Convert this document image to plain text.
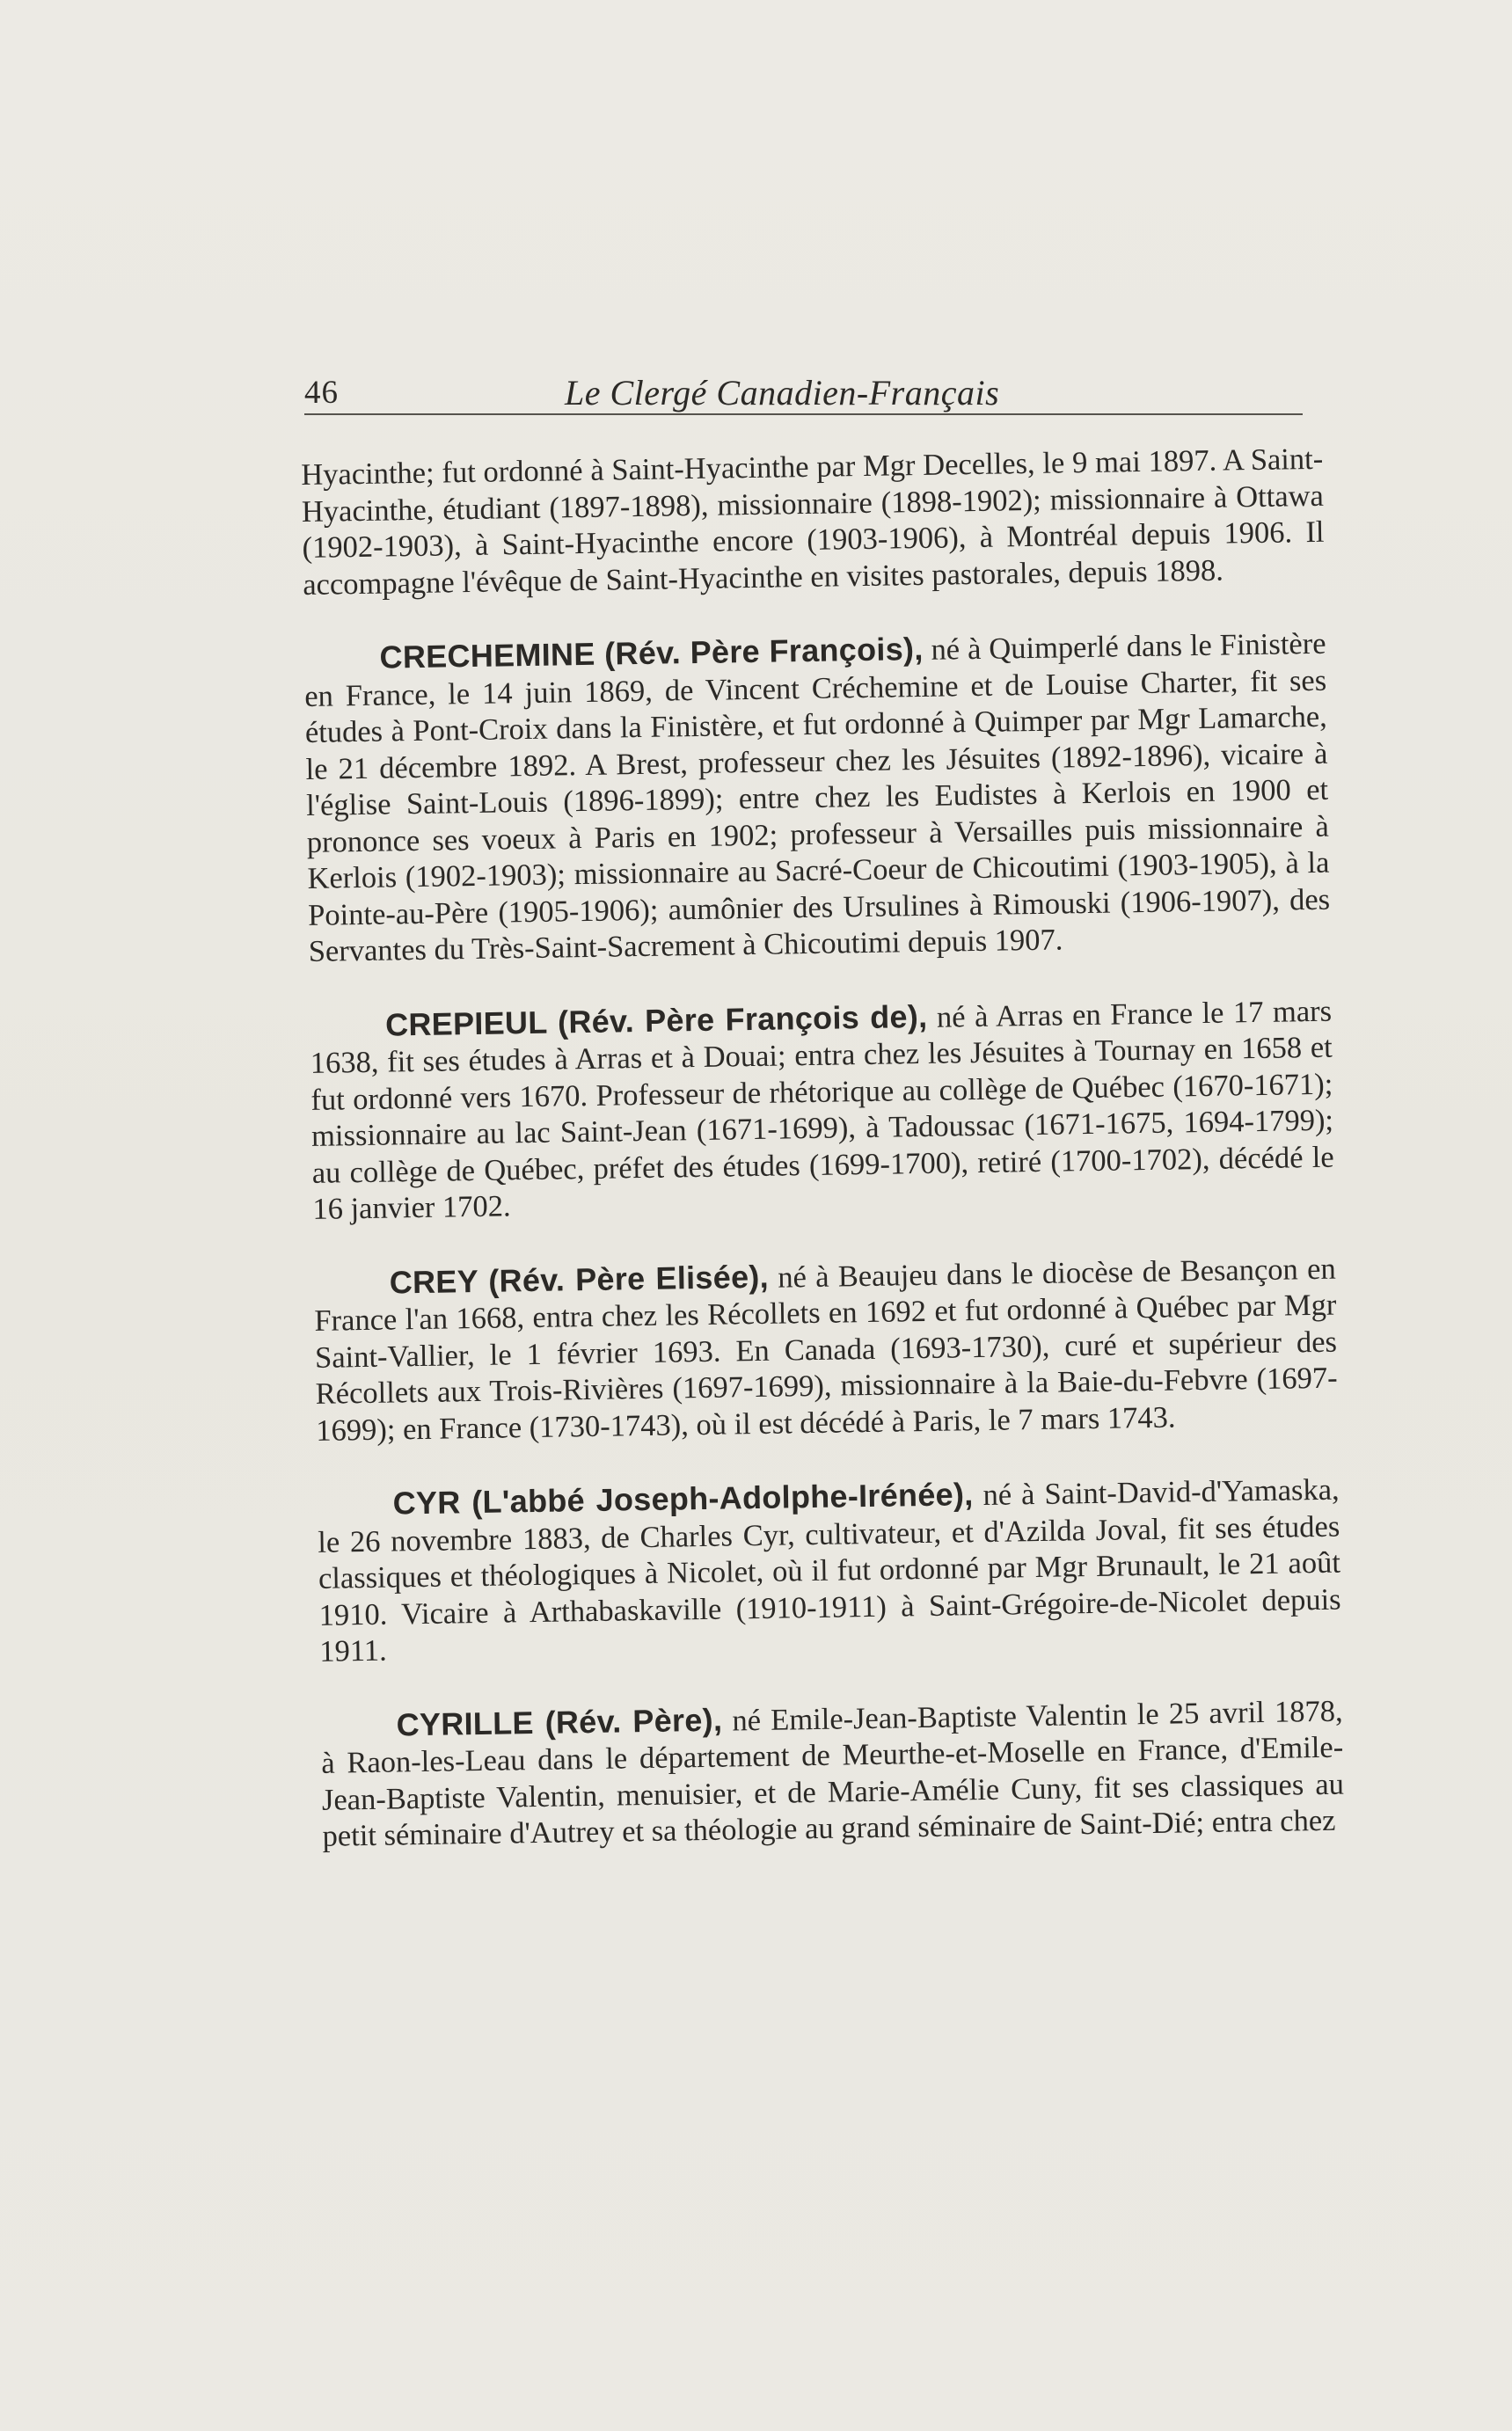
46	Le Clergé Canadien-Français

Hyacinthe; fut ordonné à Saint-Hyacinthe par Mgr Decelles, le 9 mai 1897. A Saint-Hyacinthe, étudiant (1897-1898), missionnaire (1898-1902); missionnaire à Ottawa (1902-1903), à Saint-Hyacinthe encore (1903-1906), à Montréal depuis 1906. Il accompagne l'évêque de Saint-Hyacinthe en visites pastorales, depuis 1898.

CRECHEMINE (Rév. Père François), né à Quimperlé dans le Finistère en France, le 14 juin 1869, de Vincent Créchemine et de Louise Charter, fit ses études à Pont-Croix dans la Finistère, et fut ordonné à Quimper par Mgr Lamarche, le 21 décembre 1892. A Brest, professeur chez les Jésuites (1892-1896), vicaire à l'église Saint-Louis (1896-1899); entre chez les Eudistes à Kerlois en 1900 et prononce ses voeux à Paris en 1902; professeur à Versailles puis missionnaire à Kerlois (1902-1903); missionnaire au Sacré-Coeur de Chicoutimi (1903-1905), à la Pointe-au-Père (1905-1906); aumônier des Ursulines à Rimouski (1906-1907), des Servantes du Très-Saint-Sacrement à Chicoutimi depuis 1907.

CREPIEUL (Rév. Père François de), né à Arras en France le 17 mars 1638, fit ses études à Arras et à Douai; entra chez les Jésuites à Tournay en 1658 et fut ordonné vers 1670. Professeur de rhétorique au collège de Québec (1670-1671); missionnaire au lac Saint-Jean (1671-1699), à Tadoussac (1671-1675, 1694-1799); au collège de Québec, préfet des études (1699-1700), retiré (1700-1702), décédé le 16 janvier 1702.

CREY (Rév. Père Elisée), né à Beaujeu dans le diocèse de Besançon en France l'an 1668, entra chez les Récollets en 1692 et fut ordonné à Québec par Mgr Saint-Vallier, le 1 février 1693. En Canada (1693-1730), curé et supérieur des Récollets aux Trois-Rivières (1697-1699), missionnaire à la Baie-du-Febvre (1697-1699); en France (1730-1743), où il est décédé à Paris, le 7 mars 1743.

CYR (L'abbé Joseph-Adolphe-Irénée), né à Saint-David-d'Yamaska, le 26 novembre 1883, de Charles Cyr, cultivateur, et d'Azilda Joval, fit ses études classiques et théologiques à Nicolet, où il fut ordonné par Mgr Brunault, le 21 août 1910. Vicaire à Arthabaskaville (1910-1911) à Saint-Grégoire-de-Nicolet depuis 1911.

CYRILLE (Rév. Père), né Emile-Jean-Baptiste Valentin le 25 avril 1878, à Raon-les-Leau dans le département de Meurthe-et-Moselle en France, d'Emile-Jean-Baptiste Valentin, menuisier, et de Marie-Amélie Cuny, fit ses classiques au petit séminaire d'Autrey et sa théologie au grand séminaire de Saint-Dié; entra chez
